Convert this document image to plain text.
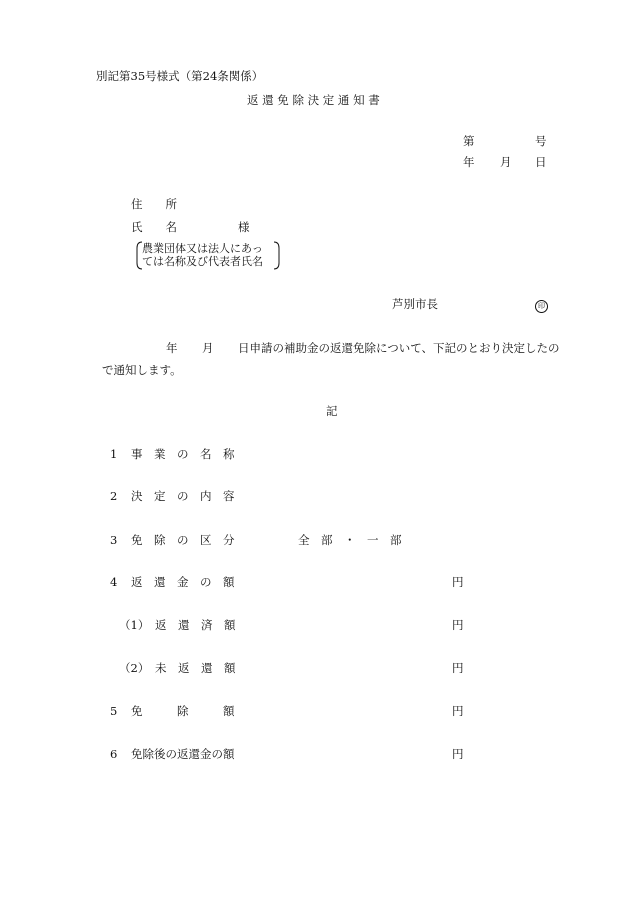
別記第35号様式（第24条関係）
返 還 免 除 決 定 通 知 書
第	号
年 月 日
住　　所
氏　　名	様
農業団体又は法人にあっ
ては名称及び代表者氏名
芦別市長	印
年 月 日申請の補助金の返還免除について、下記のとおり決定したの
で通知します。
記
1 事　業　の　名　称
2 決　定　の　内　容
3 免　除　の　区　分	全　部　・　一　部
4 返　還　金　の　額	円
（1） 返　還　済　額	円
（2） 未　返　還　額	円
5 免　　　除　　　額	円
6 免除後の返還金の額	円
